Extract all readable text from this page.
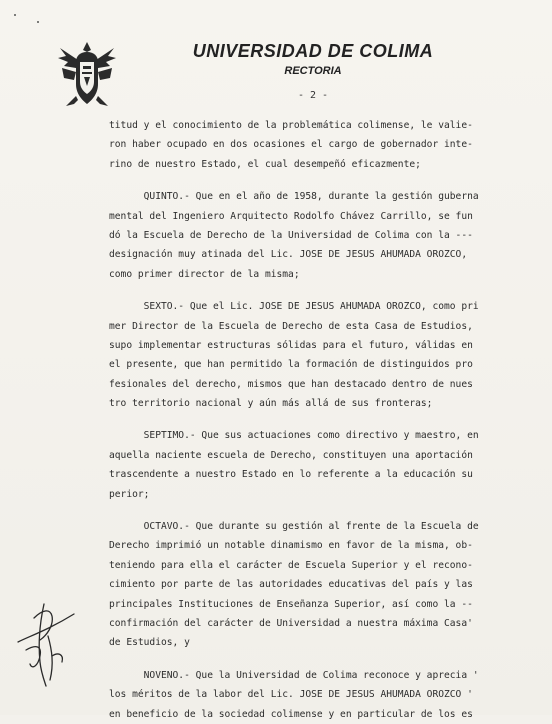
UNIVERSIDAD DE COLIMA
RECTORIA
- 2 -
titud y el conocimiento de la problemática colimense, le valie-
ron haber ocupado en dos ocasiones el cargo de gobernador inte-
rino de nuestro Estado, el cual desempeñó eficazmente;
QUINTO.- Que en el año de 1958, durante la gestión guberna
mental del Ingeniero Arquitecto Rodolfo Chávez Carrillo, se fun
dó la Escuela de Derecho de la Universidad de Colima con la ---
designación muy atinada del Lic. JOSE DE JESUS AHUMADA OROZCO,
como primer director de la misma;
SEXTO.- Que el Lic. JOSE DE JESUS AHUMADA OROZCO, como pri
mer Director de la Escuela de Derecho de esta Casa de Estudios,
supo implementar estructuras sólidas para el futuro, válidas en
el presente, que han permitido la formación de distinguidos pro
fesionales del derecho, mismos que han destacado dentro de nues
tro territorio nacional y aún más allá de sus fronteras;
SEPTIMO.- Que sus actuaciones como directivo y maestro, en
aquella naciente escuela de Derecho, constituyen una aportación
trascendente a nuestro Estado en lo referente a la educación su
perior;
OCTAVO.- Que durante su gestión al frente de la Escuela de
Derecho imprimió un notable dinamismo en favor de la misma, ob-
teniendo para ella el carácter de Escuela Superior y el recono-
cimiento por parte de las autoridades educativas del país y las
principales Instituciones de Enseñanza Superior, así como la --
confirmación del carácter de Universidad a nuestra máxima Casa'
de Estudios, y
NOVENO.- Que la Universidad de Colima reconoce y aprecia '
los méritos de la labor del Lic. JOSE DE JESUS AHUMADA OROZCO '
en beneficio de la sociedad colimense y en particular de los es
